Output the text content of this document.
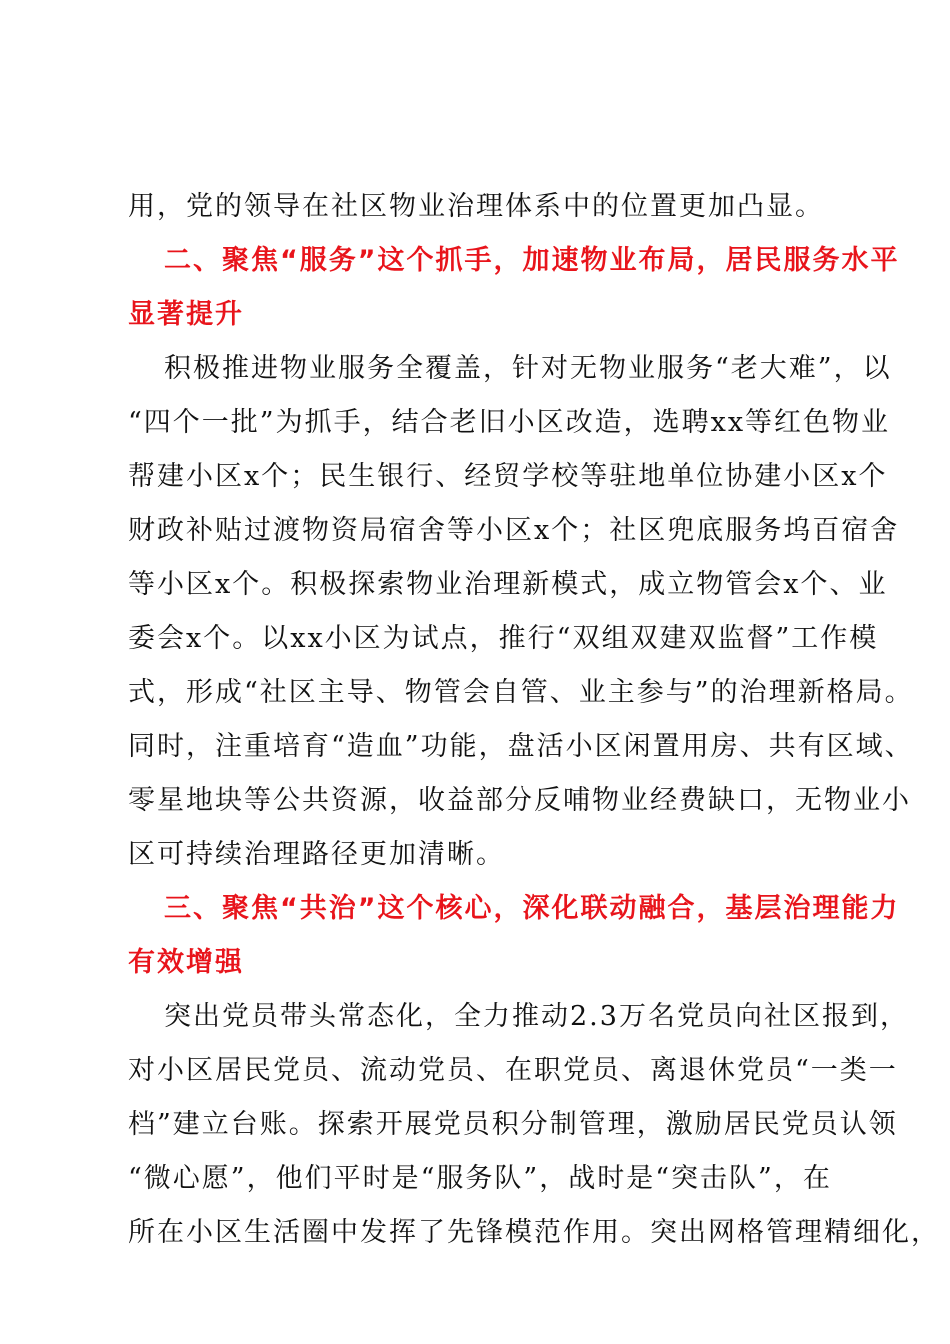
用，党的领导在社区物业治理体系中的位置更加凸显。

二、聚焦“服务”这个抓手，加速物业布局，居民服务水平
显著提升

积极推进物业服务全覆盖，针对无物业服务“老大难”，以
“四个一批”为抓手，结合老旧小区改造，选聘xx等红色物业
帮建小区x个；民生银行、经贸学校等驻地单位协建小区x个
财政补贴过渡物资局宿舍等小区x个；社区兜底服务坞百宿舍
等小区x个。积极探索物业治理新模式，成立物管会x个、业
委会x个。以xx小区为试点，推行“双组双建双监督”工作模
式，形成“社区主导、物管会自管、业主参与”的治理新格局。
同时，注重培育“造血”功能，盘活小区闲置用房、共有区域、
零星地块等公共资源，收益部分反哺物业经费缺口，无物业小
区可持续治理路径更加清晰。

三、聚焦“共治”这个核心，深化联动融合，基层治理能力
有效增强

突出党员带头常态化，全力推动2.3万名党员向社区报到，
对小区居民党员、流动党员、在职党员、离退休党员“一类一
档”建立台账。探索开展党员积分制管理，激励居民党员认领
“微心愿”，他们平时是“服务队”，战时是“突击队”，在
所在小区生活圈中发挥了先锋模范作用。突出网格管理精细化，
